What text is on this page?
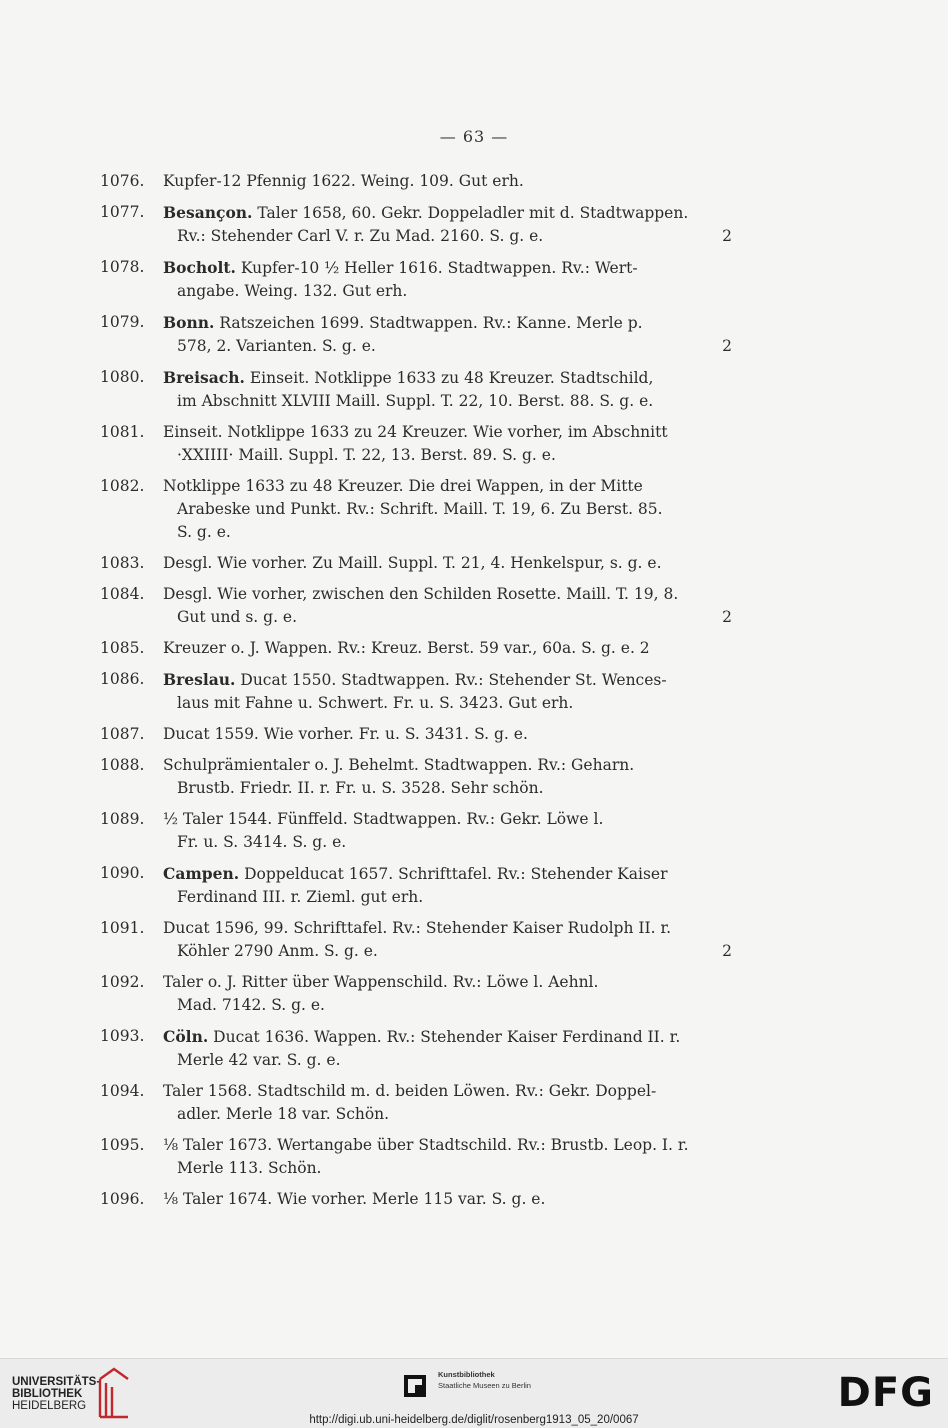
— 63 —
1076.	Kupfer-12 Pfennig 1622. Weing. 109. Gut erh.
1077.	Besançon. Taler 1658, 60. Gekr. Doppeladler mit d. Stadtwappen.
Rv.: Stehender Carl V. r. Zu Mad. 2160. S. g. e.	2
1078.	Bocholt. Kupfer-10 ½ Heller 1616. Stadtwappen. Rv.: Wert-
angabe. Weing. 132. Gut erh.
1079.	Bonn. Ratszeichen 1699. Stadtwappen. Rv.: Kanne. Merle p.
578, 2. Varianten. S. g. e.	2
1080.	Breisach. Einseit. Notklippe 1633 zu 48 Kreuzer. Stadtschild,
im Abschnitt XLVIII Maill. Suppl. T. 22, 10. Berst. 88. S. g. e.
1081.	Einseit. Notklippe 1633 zu 24 Kreuzer. Wie vorher, im Abschnitt
·XXIIII· Maill. Suppl. T. 22, 13. Berst. 89. S. g. e.
1082.	Notklippe 1633 zu 48 Kreuzer. Die drei Wappen, in der Mitte
Arabeske und Punkt. Rv.: Schrift. Maill. T. 19, 6. Zu Berst. 85.
S. g. e.
1083.	Desgl. Wie vorher. Zu Maill. Suppl. T. 21, 4. Henkelspur, s. g. e.
1084.	Desgl. Wie vorher, zwischen den Schilden Rosette. Maill. T. 19, 8.
Gut und s. g. e.	2
1085.	Kreuzer o. J. Wappen. Rv.: Kreuz. Berst. 59 var., 60a. S. g. e. 2
1086.	Breslau. Ducat 1550. Stadtwappen. Rv.: Stehender St. Wences-
laus mit Fahne u. Schwert. Fr. u. S. 3423. Gut erh.
1087.	Ducat 1559. Wie vorher. Fr. u. S. 3431. S. g. e.
1088.	Schulprämientaler o. J. Behelmt. Stadtwappen. Rv.: Geharn.
Brustb. Friedr. II. r. Fr. u. S. 3528. Sehr schön.
1089.	½ Taler 1544. Fünffeld. Stadtwappen. Rv.: Gekr. Löwe l.
Fr. u. S. 3414. S. g. e.
1090.	Campen. Doppelducat 1657. Schrifttafel. Rv.: Stehender Kaiser
Ferdinand III. r. Zieml. gut erh.
1091.	Ducat 1596, 99. Schrifttafel. Rv.: Stehender Kaiser Rudolph II. r.
Köhler 2790 Anm. S. g. e.	2
1092.	Taler o. J. Ritter über Wappenschild. Rv.: Löwe l. Aehnl.
Mad. 7142. S. g. e.
1093.	Cöln. Ducat 1636. Wappen. Rv.: Stehender Kaiser Ferdinand II. r.
Merle 42 var. S. g. e.
1094.	Taler 1568. Stadtschild m. d. beiden Löwen. Rv.: Gekr. Doppel-
adler. Merle 18 var. Schön.
1095.	⅛ Taler 1673. Wertangabe über Stadtschild. Rv.: Brustb. Leop. I. r.
Merle 113. Schön.
1096.	⅛ Taler 1674. Wie vorher. Merle 115 var. S. g. e.
UNIVERSITÄTS-
BIBLIOTHEK
HEIDELBERG
Kunstbibliothek
Staatliche Museen zu Berlin	DFG
http://digi.ub.uni-heidelberg.de/diglit/rosenberg1913_05_20/0067
